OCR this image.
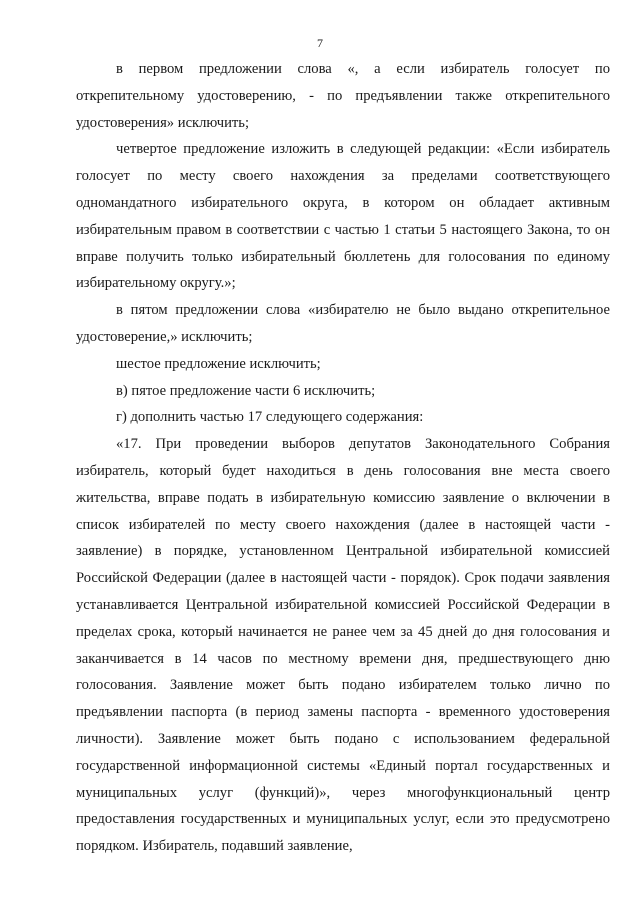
7

в первом предложении слова «, а если избиратель голосует по открепительному удостоверению, - по предъявлении также открепительного удостоверения» исключить;

четвертое предложение изложить в следующей редакции: «Если избиратель голосует по месту своего нахождения за пределами соответствующего одномандатного избирательного округа, в котором он обладает активным избирательным правом в соответствии с частью 1 статьи 5 настоящего Закона, то он вправе получить только избирательный бюллетень для голосования по единому избирательному округу.»;

в пятом предложении слова «избирателю не было выдано открепительное удостоверение,» исключить;

шестое предложение исключить;

в) пятое предложение части 6 исключить;

г) дополнить частью 17 следующего содержания:

«17. При проведении выборов депутатов Законодательного Собрания избиратель, который будет находиться в день голосования вне места своего жительства, вправе подать в избирательную комиссию заявление о включении в список избирателей по месту своего нахождения (далее в настоящей части - заявление) в порядке, установленном Центральной избирательной комиссией Российской Федерации (далее в настоящей части - порядок). Срок подачи заявления устанавливается Центральной избирательной комиссией Российской Федерации в пределах срока, который начинается не ранее чем за 45 дней до дня голосования и заканчивается в 14 часов по местному времени дня, предшествующего дню голосования. Заявление может быть подано избирателем только лично по предъявлении паспорта (в период замены паспорта - временного удостоверения личности). Заявление может быть подано с использованием федеральной государственной информационной системы «Единый портал государственных и муниципальных услуг (функций)», через многофункциональный центр предоставления государственных и муниципальных услуг, если это предусмотрено порядком. Избиратель, подавший заявление,
